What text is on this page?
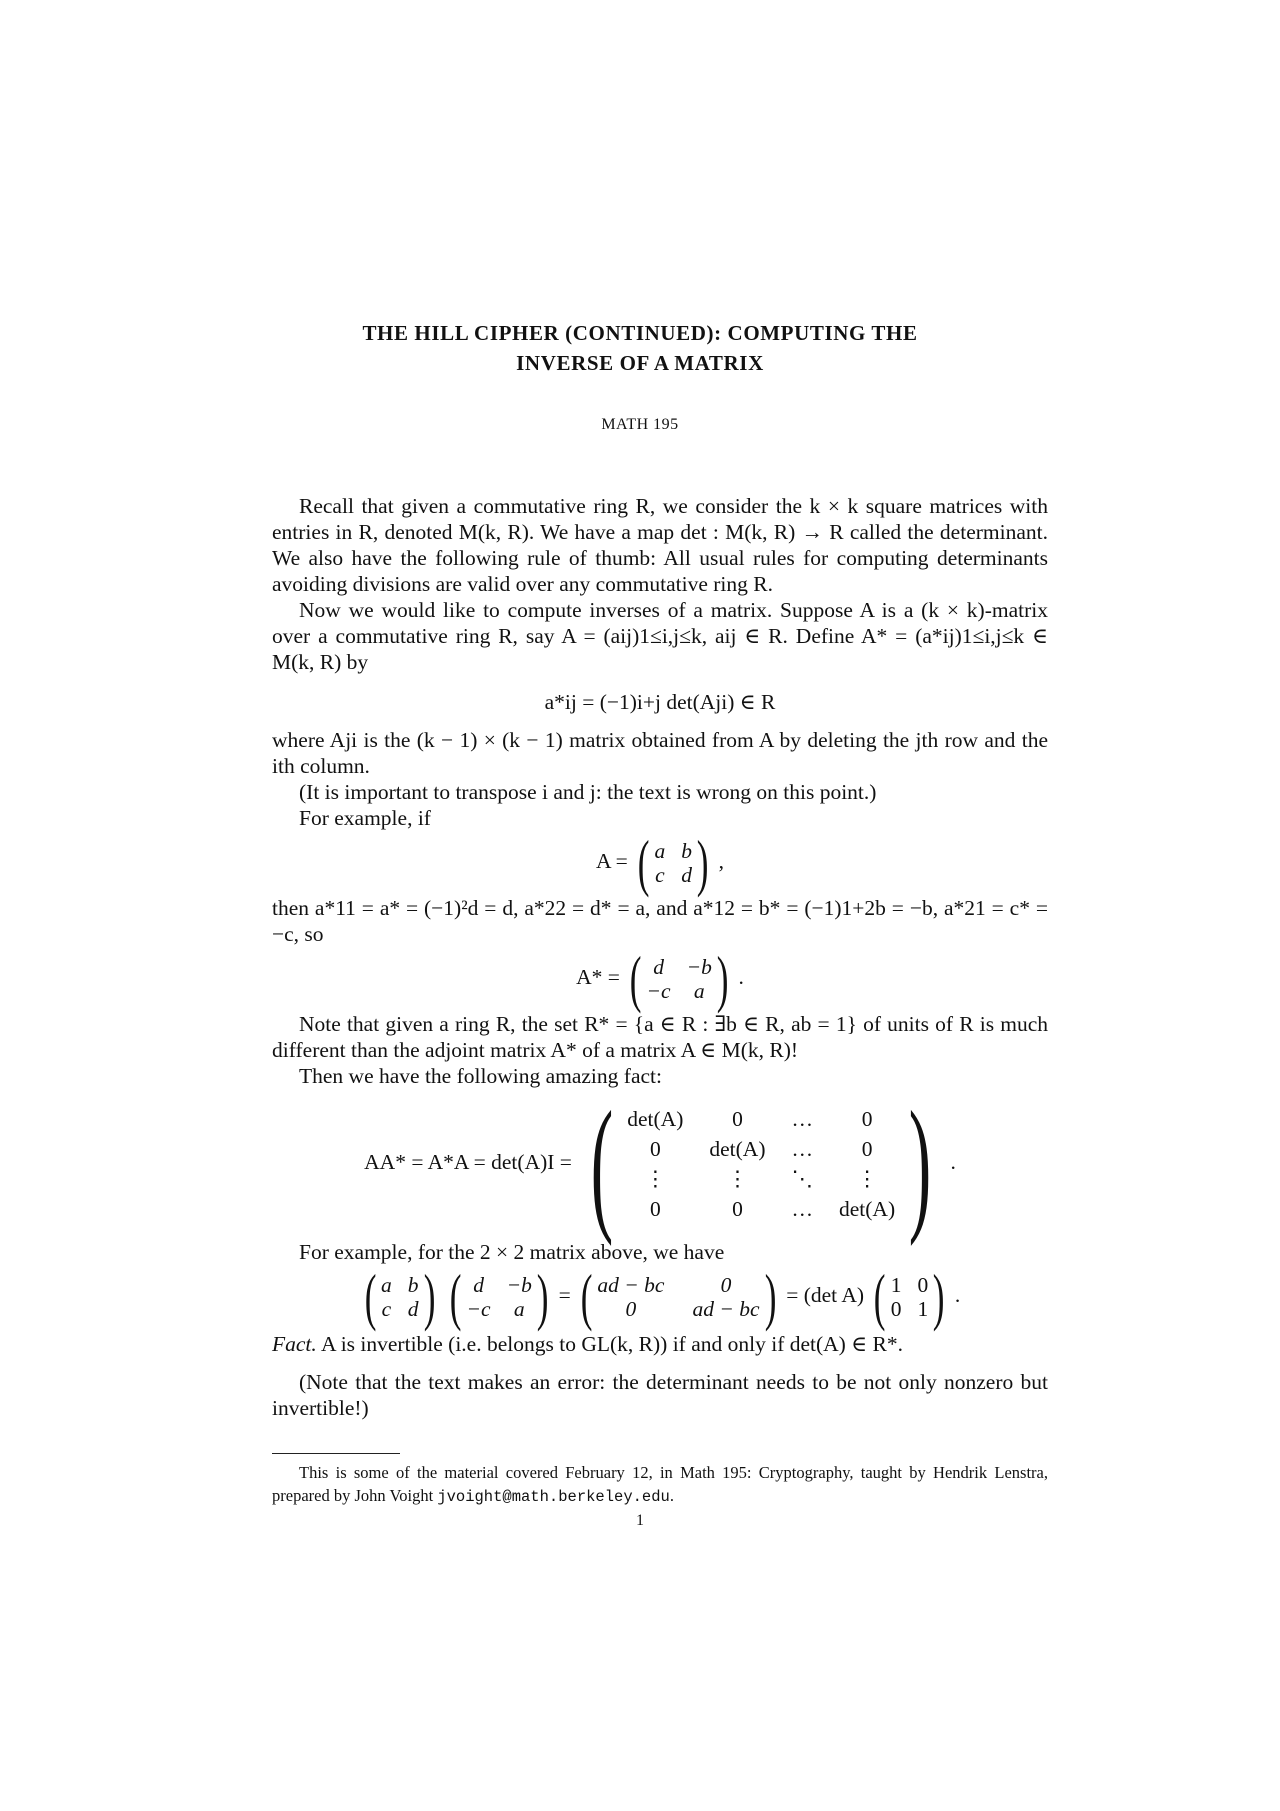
THE HILL CIPHER (CONTINUED): COMPUTING THE
INVERSE OF A MATRIX
MATH 195

Recall that given a commutative ring R, we consider the k × k square matrices with entries in R, denoted M(k, R). We have a map det : M(k, R) → R called the determinant. We also have the following rule of thumb: All usual rules for computing determinants avoiding divisions are valid over any commutative ring R.

Now we would like to compute inverses of a matrix. Suppose A is a (k × k)-matrix over a commutative ring R, say A = (aij)1≤i,j≤k, aij ∈ R. Define A* = (a*ij)1≤i,j≤k ∈ M(k, R) by

a*ij = (−1)i+j det(Aji) ∈ R

where Aji is the (k − 1) × (k − 1) matrix obtained from A by deleting the jth row and the ith column.

(It is important to transpose i and j: the text is wrong on this point.)

For example, if

A = ( a b
c d ) ,

then a*11 = a* = (−1)²d = d, a*22 = d* = a, and a*12 = b* = (−1)1+2b = −b, a*21 = c* = −c, so

A* = ( d	−b
−c	a ) .

Note that given a ring R, the set R* = {a ∈ R : ∃b ∈ R, ab = 1} of units of R is much different than the adjoint matrix A* of a matrix A ∈ M(k, R)!

Then we have the following amazing fact:

AA* = A*A = det(A)I = ( det(A)	0	…	0
0	det(A) …	0
⋮	⋮	⋱	⋮
0	0	… det(A) ) .

For example, for the 2 × 2 matrix above, we have

( a b
c d )
( d	−b
−c	a ) = ( ad − bc	0
0	ad − bc ) = (det A) ( 1 0
0 1 ) .

Fact. A is invertible (i.e. belongs to GL(k, R)) if and only if det(A) ∈ R*.

(Note that the text makes an error: the determinant needs to be not only nonzero but invertible!)

This is some of the material covered February 12, in Math 195: Cryptography, taught by Hendrik Lenstra, prepared by John Voight jvoight@math.berkeley.edu.
1
